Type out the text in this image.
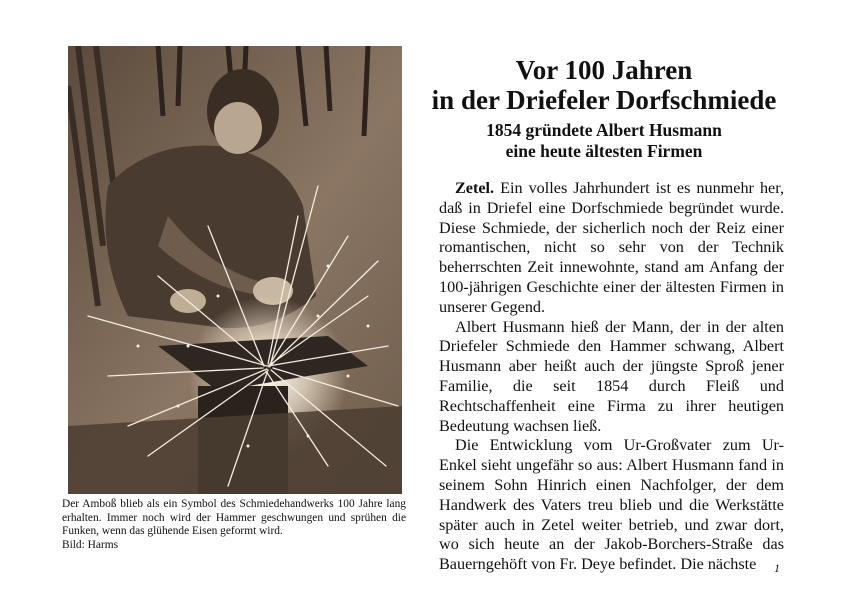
Der Amboß blieb als ein Symbol des Schmiedehandwerks 100 Jahre lang erhalten. Immer noch wird der Hammer geschwungen und sprühen die Funken, wenn das glühende Eisen geformt wird.
Bild: Harms
Vor 100 Jahren
in der Driefeler Dorfschmiede
1854 gründete Albert Husmann
eine heute ältesten Firmen

Zetel. Ein volles Jahrhundert ist es nunmehr her, daß in Driefel eine Dorfschmiede begründet wurde. Diese Schmiede, der sicherlich noch der Reiz einer romantischen, nicht so sehr von der Technik beherrschten Zeit innewohnte, stand am Anfang der 100-jährigen Geschichte einer der ältesten Firmen in unserer Gegend.

Albert Husmann hieß der Mann, der in der alten Driefeler Schmiede den Hammer schwang, Albert Husmann aber heißt auch der jüngste Sproß jener Familie, die seit 1854 durch Fleiß und Rechtschaffenheit eine Firma zu ihrer heutigen Bedeutung wachsen ließ.

Die Entwicklung vom Ur-Großvater zum Ur-Enkel sieht ungefähr so aus: Albert Husmann fand in seinem Sohn Hinrich einen Nachfolger, der dem Handwerk des Vaters treu blieb und die Werkstätte später auch in Zetel weiter betrieb, und zwar dort, wo sich heute an der Jakob-Borchers-Straße das Bauerngehöft von Fr. Deye befindet. Die nächste	1
